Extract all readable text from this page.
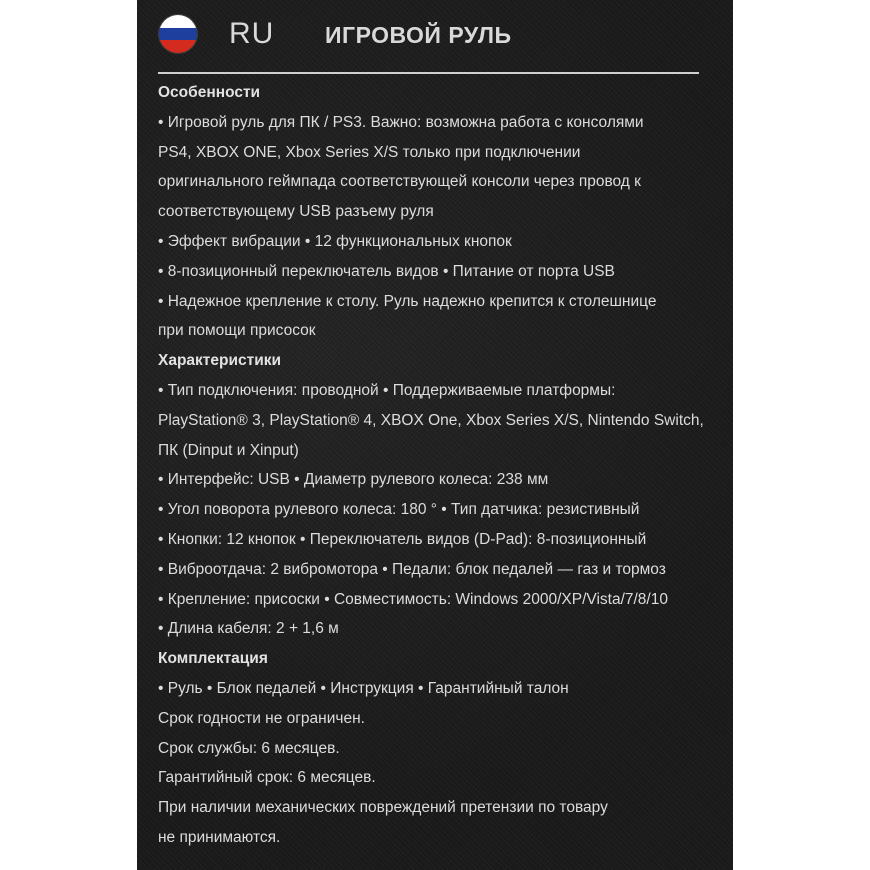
RU ИГРОВОЙ РУЛЬ
Особенности
• Игровой руль для ПК / PS3. Важно: возможна работа с консолями
PS4, XBOX ONE, Xbox Series X/S только при подключении
оригинального геймпада соответствующей консоли через провод к
соответствующему USB разъему руля
• Эффект вибрации • 12 функциональных кнопок
• 8-позиционный переключатель видов • Питание от порта USB
• Надежное крепление к столу. Руль надежно крепится к столешнице
при помощи присосок
Характеристики
• Тип подключения: проводной • Поддерживаемые платформы:
PlayStation® 3, PlayStation® 4, XBOX One, Xbox Series X/S, Nintendo Switch,
ПК (Dinput и Xinput)
• Интерфейс: USB • Диаметр рулевого колеса: 238 мм
• Угол поворота рулевого колеса: 180 ° • Тип датчика: резистивный
• Кнопки: 12 кнопок • Переключатель видов (D-Pad): 8-позиционный
• Виброотдача: 2 вибромотора • Педали: блок педалей — газ и тормоз
• Крепление: присоски • Совместимость: Windows 2000/XP/Vista/7/8/10
• Длина кабеля: 2 + 1,6 м
Комплектация
• Руль • Блок педалей • Инструкция • Гарантийный талон
Срок годности не ограничен.
Срок службы: 6 месяцев.
Гарантийный срок: 6 месяцев.
При наличии механических повреждений претензии по товару
не принимаются.
